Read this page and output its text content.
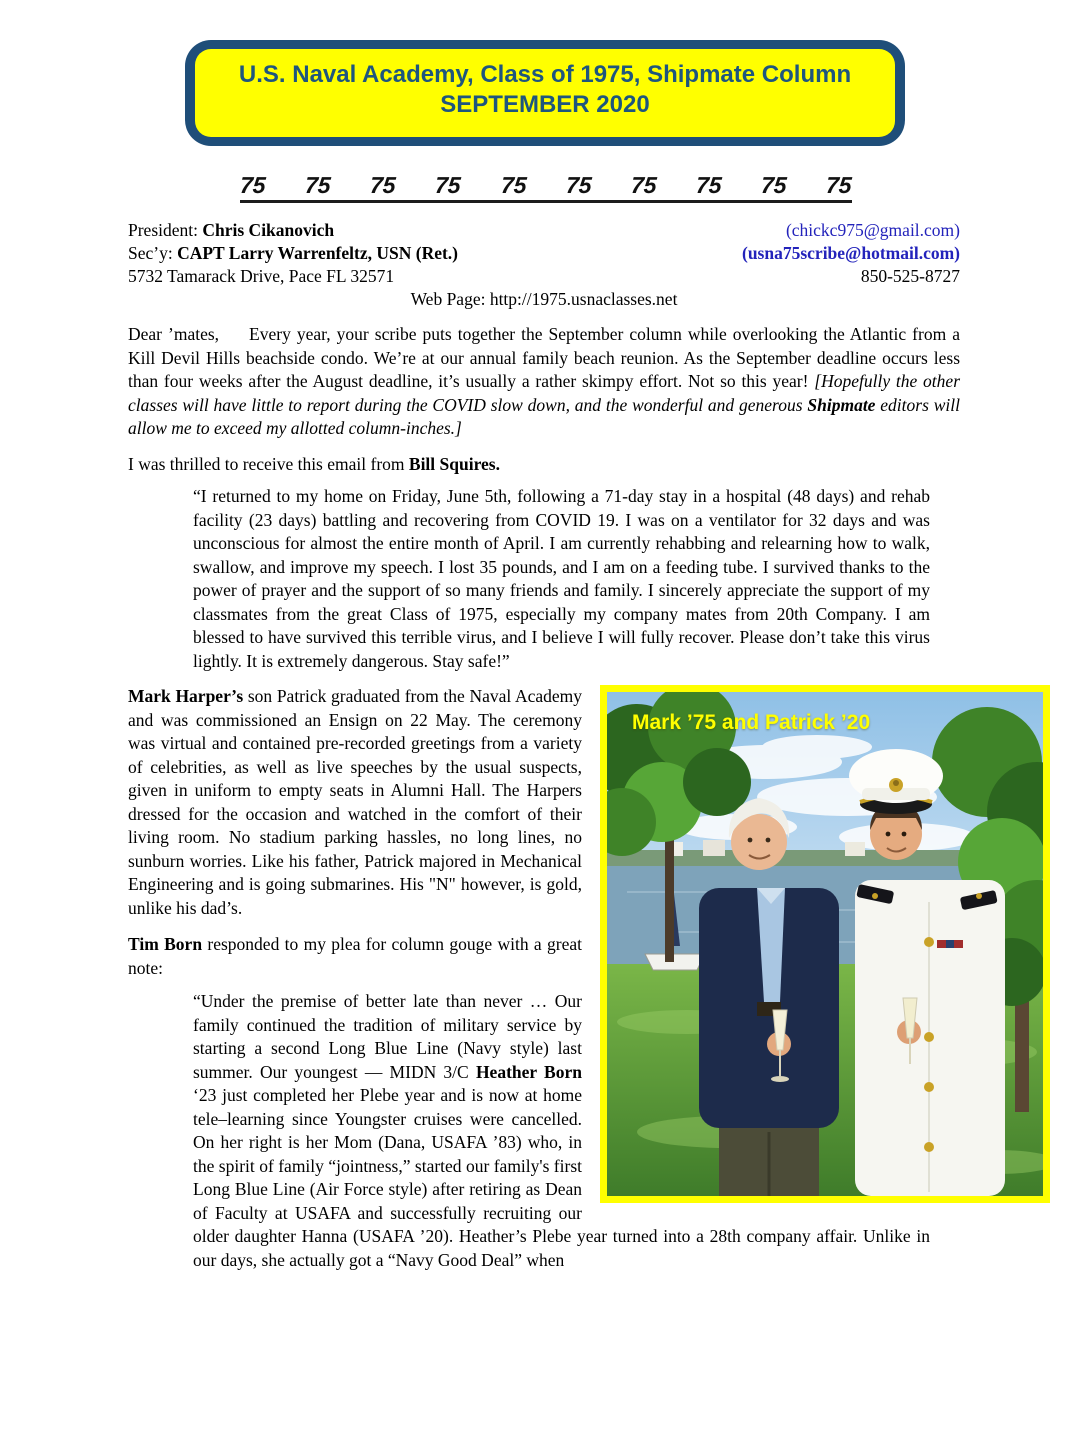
U.S. Naval Academy, Class of 1975, Shipmate Column
SEPTEMBER 2020
75 75 75 75 75 75 75 75 75 75
President: Chris Cikanovich	(chickc975@gmail.com)
Sec’y: CAPT Larry Warrenfeltz, USN (Ret.)	(usna75scribe@hotmail.com)
5732 Tamarack Drive, Pace FL 32571	850-525-8727
Web Page: http://1975.usnaclasses.net

Dear ’mates, Every year, your scribe puts together the September column while overlooking the Atlantic from a Kill Devil Hills beachside condo. We’re at our annual family beach reunion. As the September deadline occurs less than four weeks after the August deadline, it’s usually a rather skimpy effort. Not so this year! [Hopefully the other classes will have little to report during the COVID slow down, and the wonderful and generous Shipmate editors will allow me to exceed my allotted column-inches.]

I was thrilled to receive this email from Bill Squires.

“I returned to my home on Friday, June 5th, following a 71-day stay in a hospital (48 days) and rehab facility (23 days) battling and recovering from COVID 19. I was on a ventilator for 32 days and was unconscious for almost the entire month of April. I am currently rehabbing and relearning how to walk, swallow, and improve my speech. I lost 35 pounds, and I am on a feeding tube. I survived thanks to the power of prayer and the support of so many friends and family. I sincerely appreciate the support of my classmates from the great Class of 1975, especially my company mates from 20th Company. I am blessed to have survived this terrible virus, and I believe I will fully recover. Please don’t take this virus lightly. It is extremely dangerous. Stay safe!”

Mark ’75 and Patrick ’20

Mark Harper’s son Patrick graduated from the Naval Academy and was commissioned an Ensign on 22 May. The ceremony was virtual and contained pre-recorded greetings from a variety of celebrities, as well as live speeches by the usual suspects, given in uniform to empty seats in Alumni Hall. The Harpers dressed for the occasion and watched in the comfort of their living room. No stadium parking hassles, no long lines, no sunburn worries. Like his father, Patrick majored in Mechanical Engineering and is going submarines. His "N" however, is gold, unlike his dad’s.

Tim Born responded to my plea for column gouge with a great note:

“Under the premise of better late than never … Our family continued the tradition of military service by starting a second Long Blue Line (Navy style) last summer. Our youngest — MIDN 3/C Heather Born ‘23 just completed her Plebe year and is now at home tele–learning since Youngster cruises were cancelled. On her right is her Mom (Dana, USAFA ’83) who, in the spirit of family “jointness,” started our family's first Long Blue Line (Air Force style) after retiring as Dean of Faculty at USAFA and successfully recruiting our older daughter Hanna (USAFA ’20). Heather’s Plebe year turned into a 28th company affair. Unlike in our days, she actually got a “Navy Good Deal” when
